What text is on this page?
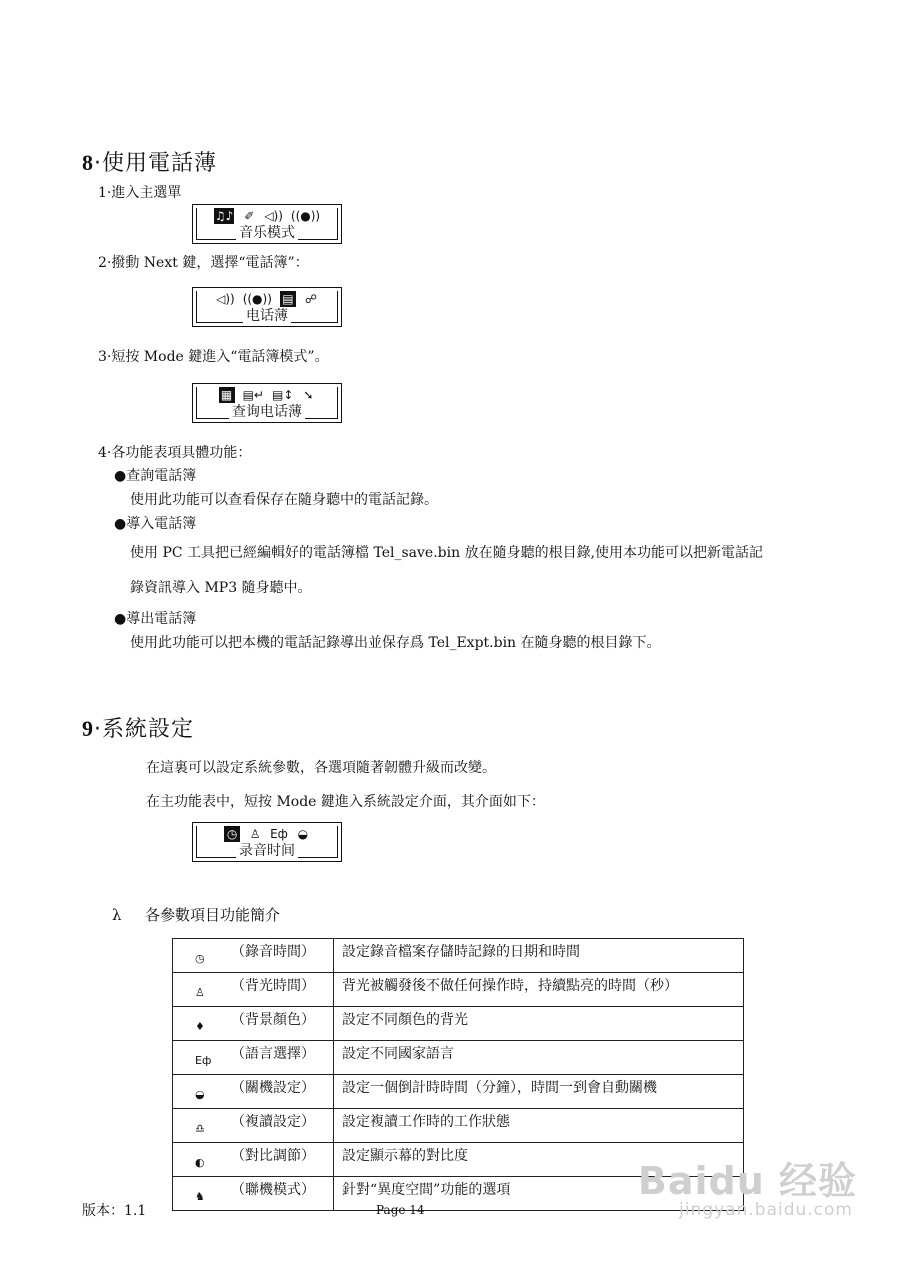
8·使用電話薄
1·進入主選單
♫♪ ✐ ◁)) ((●))
音乐模式
2·撥動 Next 鍵，選擇“電話簿”：
◁)) ((●)) ▤ ☍
电话薄
3·短按 Mode 鍵進入“電話簿模式”。
▦ ▤↵ ▤↕ ➘
查询电话薄
4·各功能表項具體功能：
●查詢電話簿
使用此功能可以查看保存在隨身聽中的電話記錄。
●導入電話簿
使用 PC 工具把已經編輯好的電話簿檔 Tel_save.bin 放在隨身聽的根目錄,使用本功能可以把新電話記
錄資訊導入 MP3 隨身聽中。
●導出電話簿
使用此功能可以把本機的電話記錄導出並保存爲 Tel_Expt.bin 在隨身聽的根目錄下。
9·系統設定
在這裏可以設定系統參數，各選項隨著韌體升級而改變。
在主功能表中，短按 Mode 鍵進入系統設定介面，其介面如下：
◷ ♙ Eф ◒
录音时间
λ 各參數項目功能簡介
◷ （錄音時間）	設定錄音檔案存儲時記錄的日期和時間

♙ （背光時間）	背光被觸發後不做任何操作時，持續點亮的時間（秒）

♦ （背景顏色）	設定不同顏色的背光

Eф （語言選擇）	設定不同國家語言

◒ （關機設定）	設定一個倒計時時間（分鐘），時間一到會自動關機

♎ （複讀設定）	設定複讀工作時的工作狀態

◐ （對比調節）	設定顯示幕的對比度

♞ （聯機模式）	針對“異度空間”功能的選項
版本：1.1	Page 14
Baidu 经验
jingyan.baidu.com
